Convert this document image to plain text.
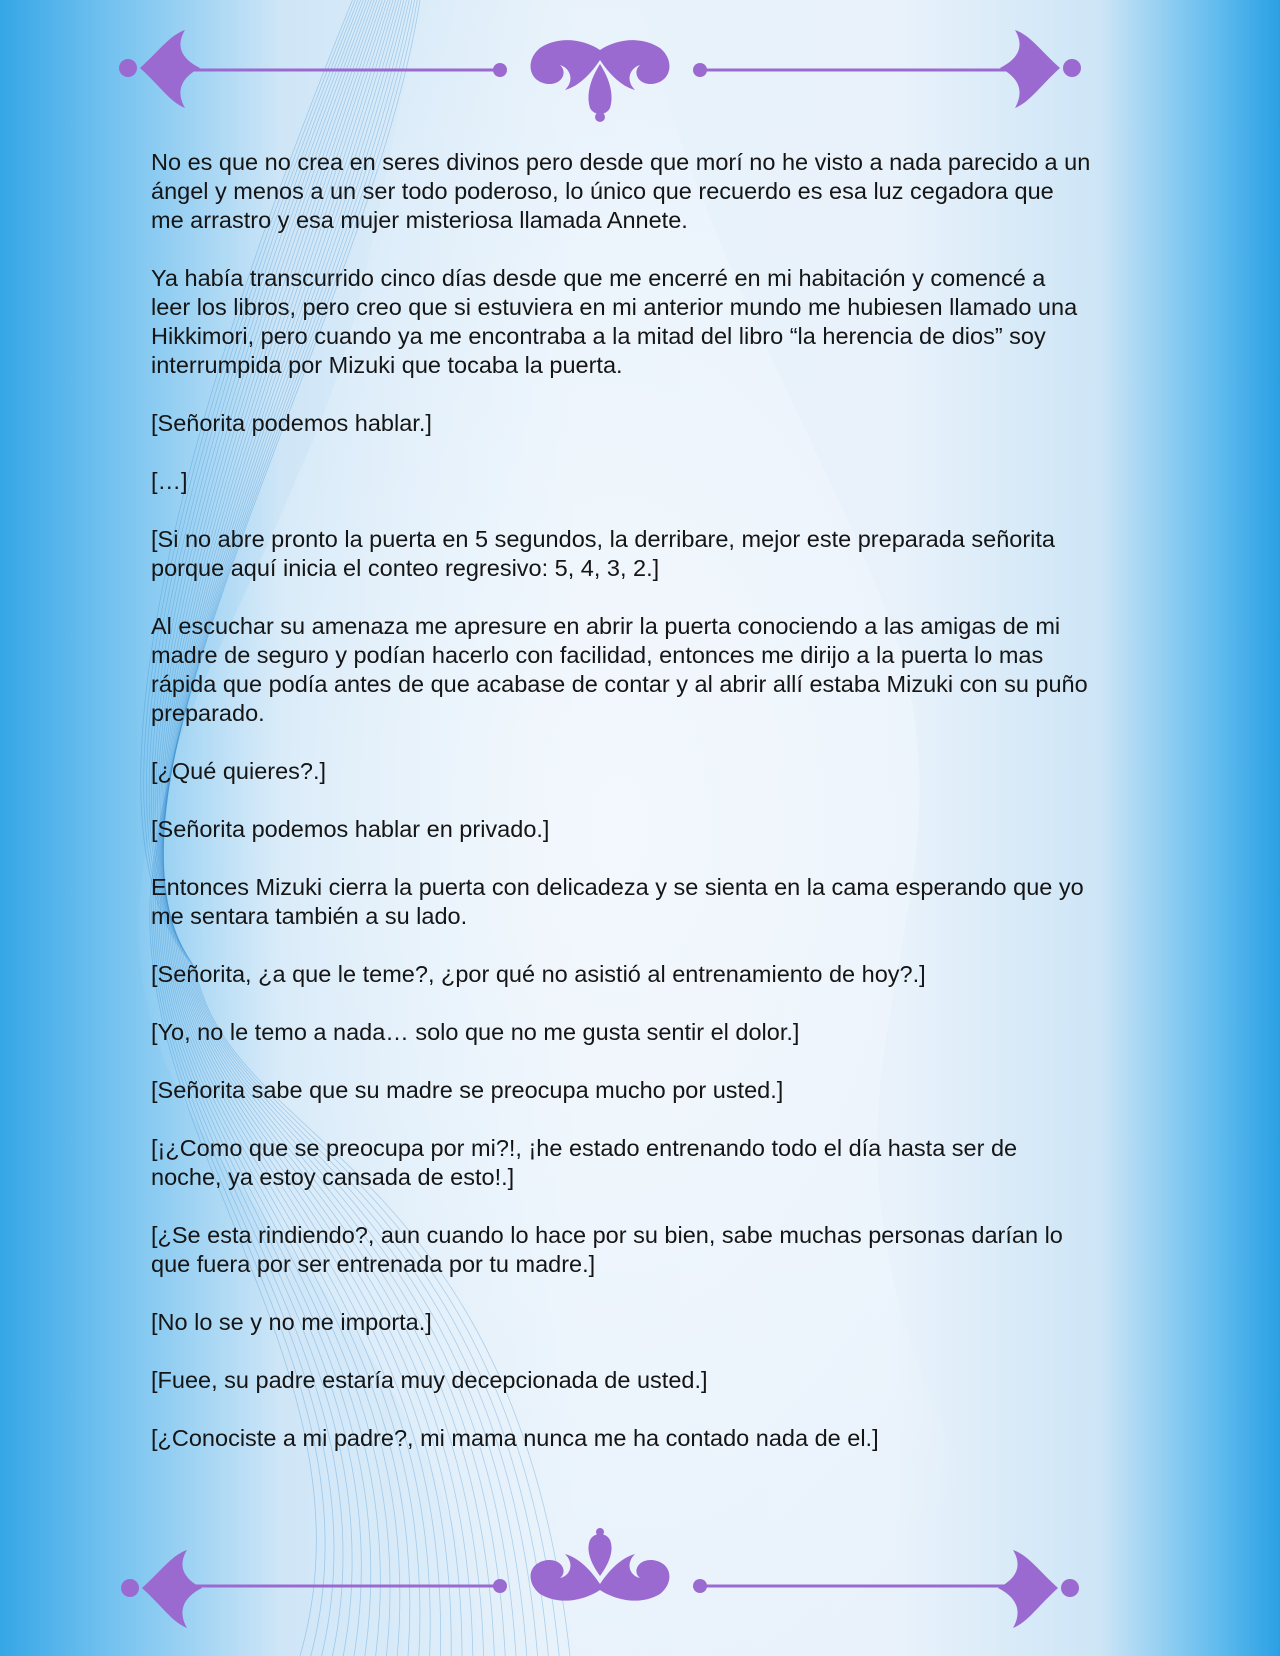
No es que no crea en seres divinos pero desde que morí no he visto a nada parecido a un ángel y menos a un ser todo poderoso, lo único que recuerdo es esa luz cegadora que me arrastro y esa mujer misteriosa llamada Annete.

Ya había transcurrido cinco días desde que me encerré en mi habitación y comencé a leer los libros, pero creo que si estuviera en mi anterior mundo me hubiesen llamado una Hikkimori, pero cuando ya me encontraba a la mitad del libro “la herencia de dios” soy interrumpida por Mizuki que tocaba la puerta.

[Señorita podemos hablar.]

[…]

[Si no abre pronto la puerta en 5 segundos, la derribare, mejor este preparada señorita porque aquí inicia el conteo regresivo: 5, 4, 3, 2.]

Al escuchar su amenaza me apresure en abrir la puerta conociendo a las amigas de mi madre de seguro y podían hacerlo con facilidad, entonces me dirijo a la puerta lo mas rápida que podía antes de que acabase de contar y al abrir allí estaba Mizuki con su puño preparado.

[¿Qué quieres?.]

[Señorita podemos hablar en privado.]

Entonces Mizuki cierra la puerta con delicadeza y se sienta en la cama esperando que yo me sentara también a su lado.

[Señorita, ¿a que le teme?, ¿por qué no asistió al entrenamiento de hoy?.]

[Yo, no le temo a nada… solo que no me gusta sentir el dolor.]

[Señorita sabe que su madre se preocupa mucho por usted.]

[¡¿Como que se preocupa por mi?!, ¡he estado entrenando todo el día hasta ser de noche, ya estoy cansada de esto!.]

[¿Se esta rindiendo?, aun cuando lo hace por su bien, sabe muchas personas darían lo que fuera por ser entrenada por tu madre.]

[No lo se y no me importa.]

[Fuee, su padre estaría muy decepcionada de usted.]

[¿Conociste a mi padre?, mi mama nunca me ha contado nada de el.]
